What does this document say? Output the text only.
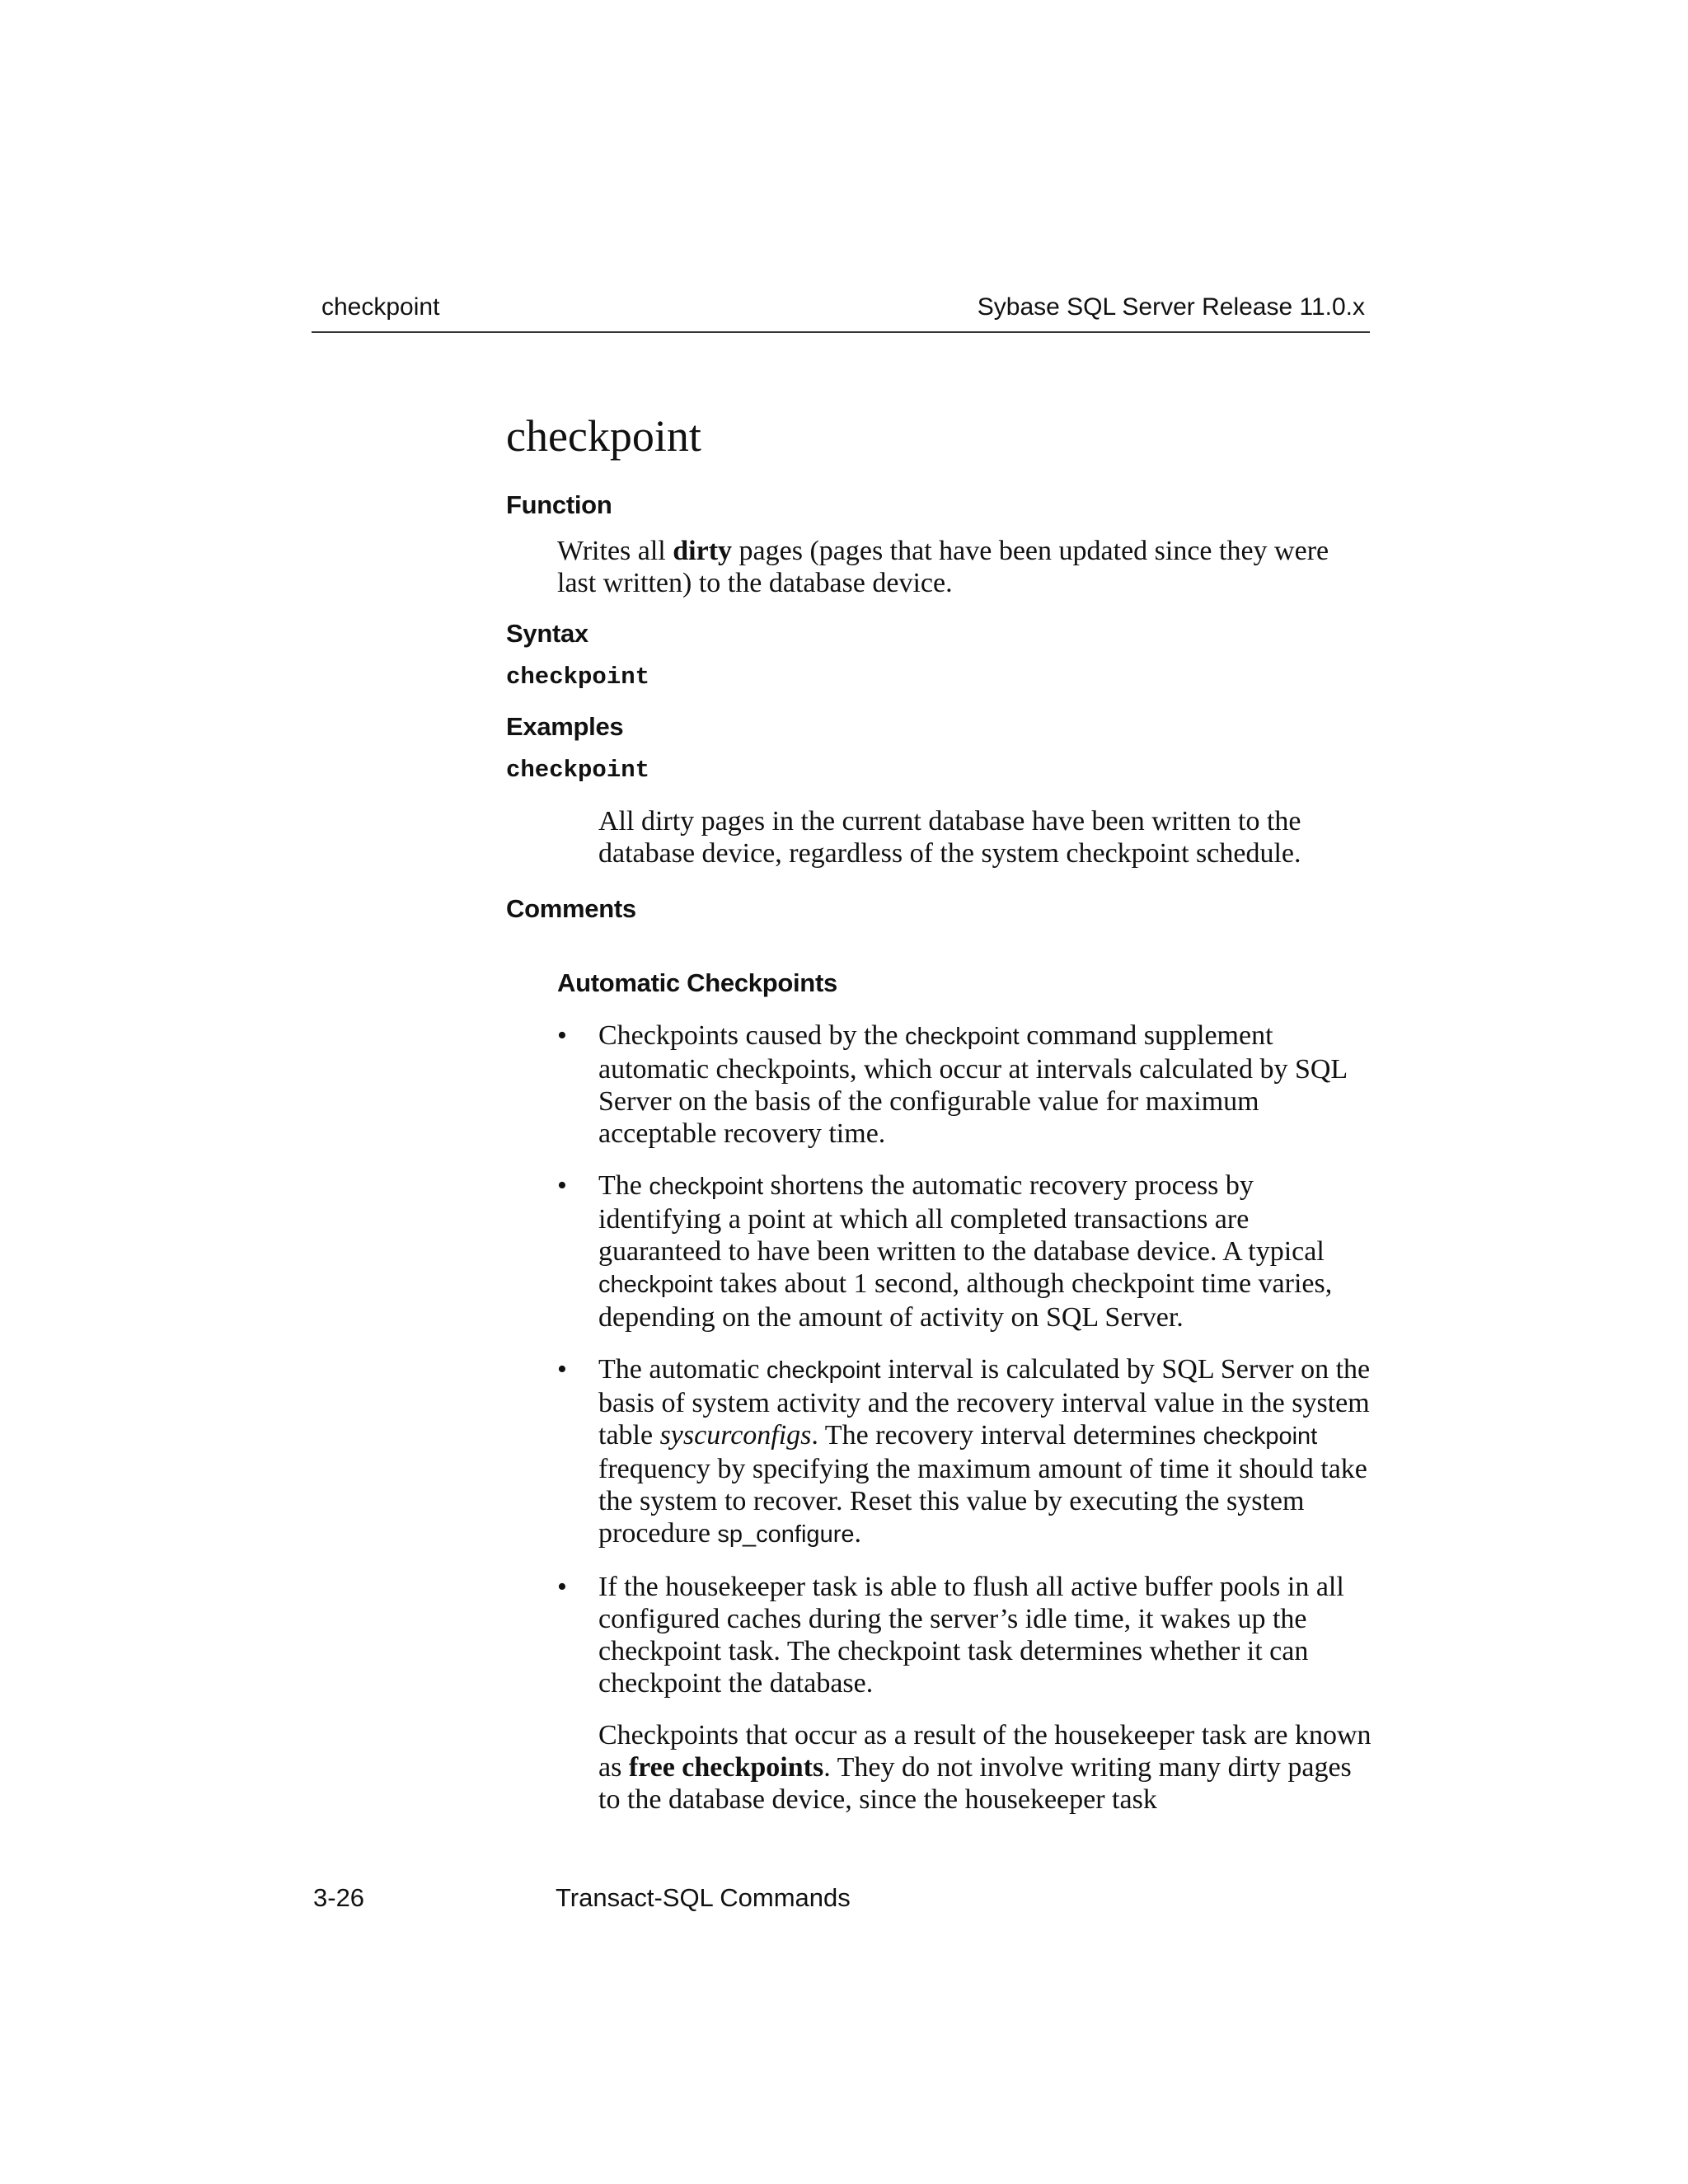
checkpoint	Sybase SQL Server Release 11.0.x
checkpoint
Function

Writes all dirty pages (pages that have been updated since they were last written) to the database device.

Syntax
checkpoint
Examples
checkpoint

All dirty pages in the current database have been written to the database device, regardless of the system checkpoint schedule.

Comments
Automatic Checkpoints
• Checkpoints caused by the checkpoint command supplement automatic checkpoints, which occur at intervals calculated by SQL Server on the basis of the configurable value for maximum acceptable recovery time.
• The checkpoint shortens the automatic recovery process by identifying a point at which all completed transactions are guaranteed to have been written to the database device. A typical checkpoint takes about 1 second, although checkpoint time varies, depending on the amount of activity on SQL Server.
• The automatic checkpoint interval is calculated by SQL Server on the basis of system activity and the recovery interval value in the system table syscurconfigs. The recovery interval determines checkpoint frequency by specifying the maximum amount of time it should take the system to recover. Reset this value by executing the system procedure sp_configure.
• If the housekeeper task is able to flush all active buffer pools in all configured caches during the server’s idle time, it wakes up the checkpoint task. The checkpoint task determines whether it can checkpoint the database.

Checkpoints that occur as a result of the housekeeper task are known as free checkpoints. They do not involve writing many dirty pages to the database device, since the housekeeper task

3-26	Transact-SQL Commands
